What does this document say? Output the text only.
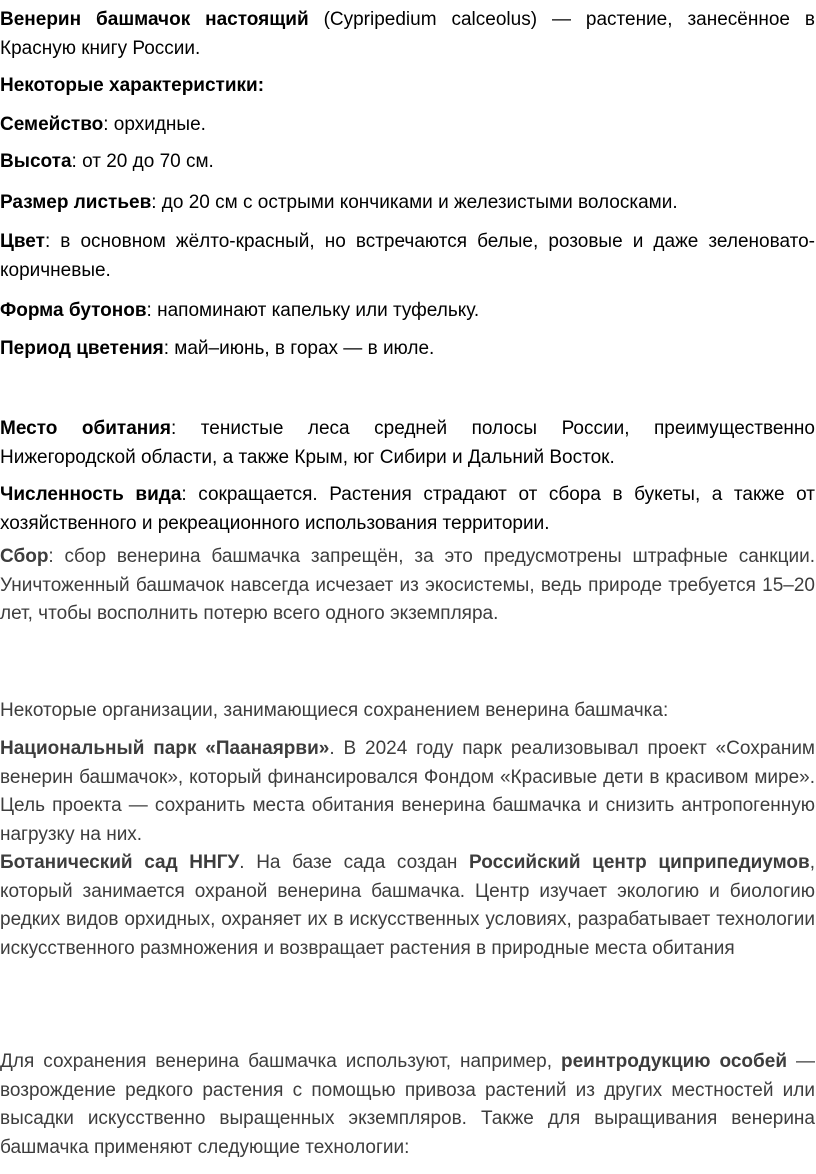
Венерин башмачок настоящий (Cypripedium calceolus) — растение, занесённое в Красную книгу России.

Некоторые характеристики:

Семейство: орхидные.

Высота: от 20 до 70 см.

Размер листьев: до 20 см с острыми кончиками и железистыми волосками.

Цвет: в основном жёлто-красный, но встречаются белые, розовые и даже зеленовато-коричневые.

Форма бутонов: напоминают капельку или туфельку.

Период цветения: май–июнь, в горах — в июле.

Место обитания: тенистые леса средней полосы России, преимущественно Нижегородской области, а также Крым, юг Сибири и Дальний Восток.

Численность вида: сокращается. Растения страдают от сбора в букеты, а также от хозяйственного и рекреационного использования территории.

Сбор: сбор венерина башмачка запрещён, за это предусмотрены штрафные санкции. Уничтоженный башмачок навсегда исчезает из экосистемы, ведь природе требуется 15–20 лет, чтобы восполнить потерю всего одного экземпляра.

Некоторые организации, занимающиеся сохранением венерина башмачка:

Национальный парк «Паанаярви». В 2024 году парк реализовывал проект «Сохраним венерин башмачок», который финансировался Фондом «Красивые дети в красивом мире». Цель проекта — сохранить места обитания венерина башмачка и снизить антропогенную нагрузку на них.

Ботанический сад ННГУ. На базе сада создан Российский центр циприпедиумов, который занимается охраной венерина башмачка. Центр изучает экологию и биологию редких видов орхидных, охраняет их в искусственных условиях, разрабатывает технологии искусственного размножения и возвращает растения в природные места обитания

Для сохранения венерина башмачка используют, например, реинтродукцию особей — возрождение редкого растения с помощью привоза растений из других местностей или высадки искусственно выращенных экземпляров. Также для выращивания венерина башмачка применяют следующие технологии:
